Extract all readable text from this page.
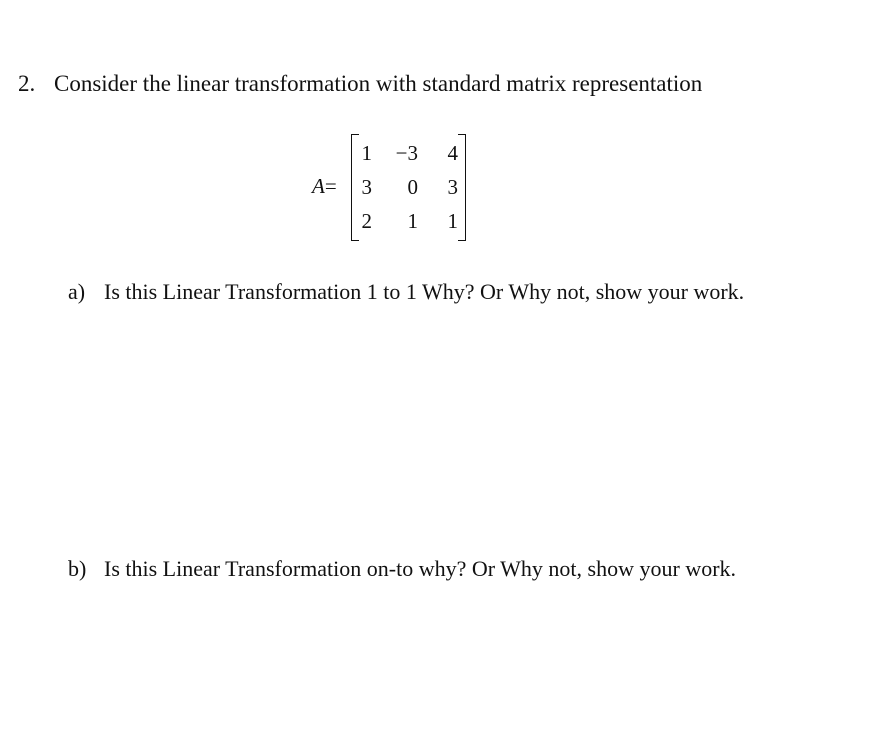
2. Consider the linear transformation with standard matrix representation
A=
1	−3	4
3	0	3
2	1	1
a) Is this Linear Transformation 1 to 1 Why? Or Why not, show your work.
b) Is this Linear Transformation on-to why? Or Why not, show your work.
